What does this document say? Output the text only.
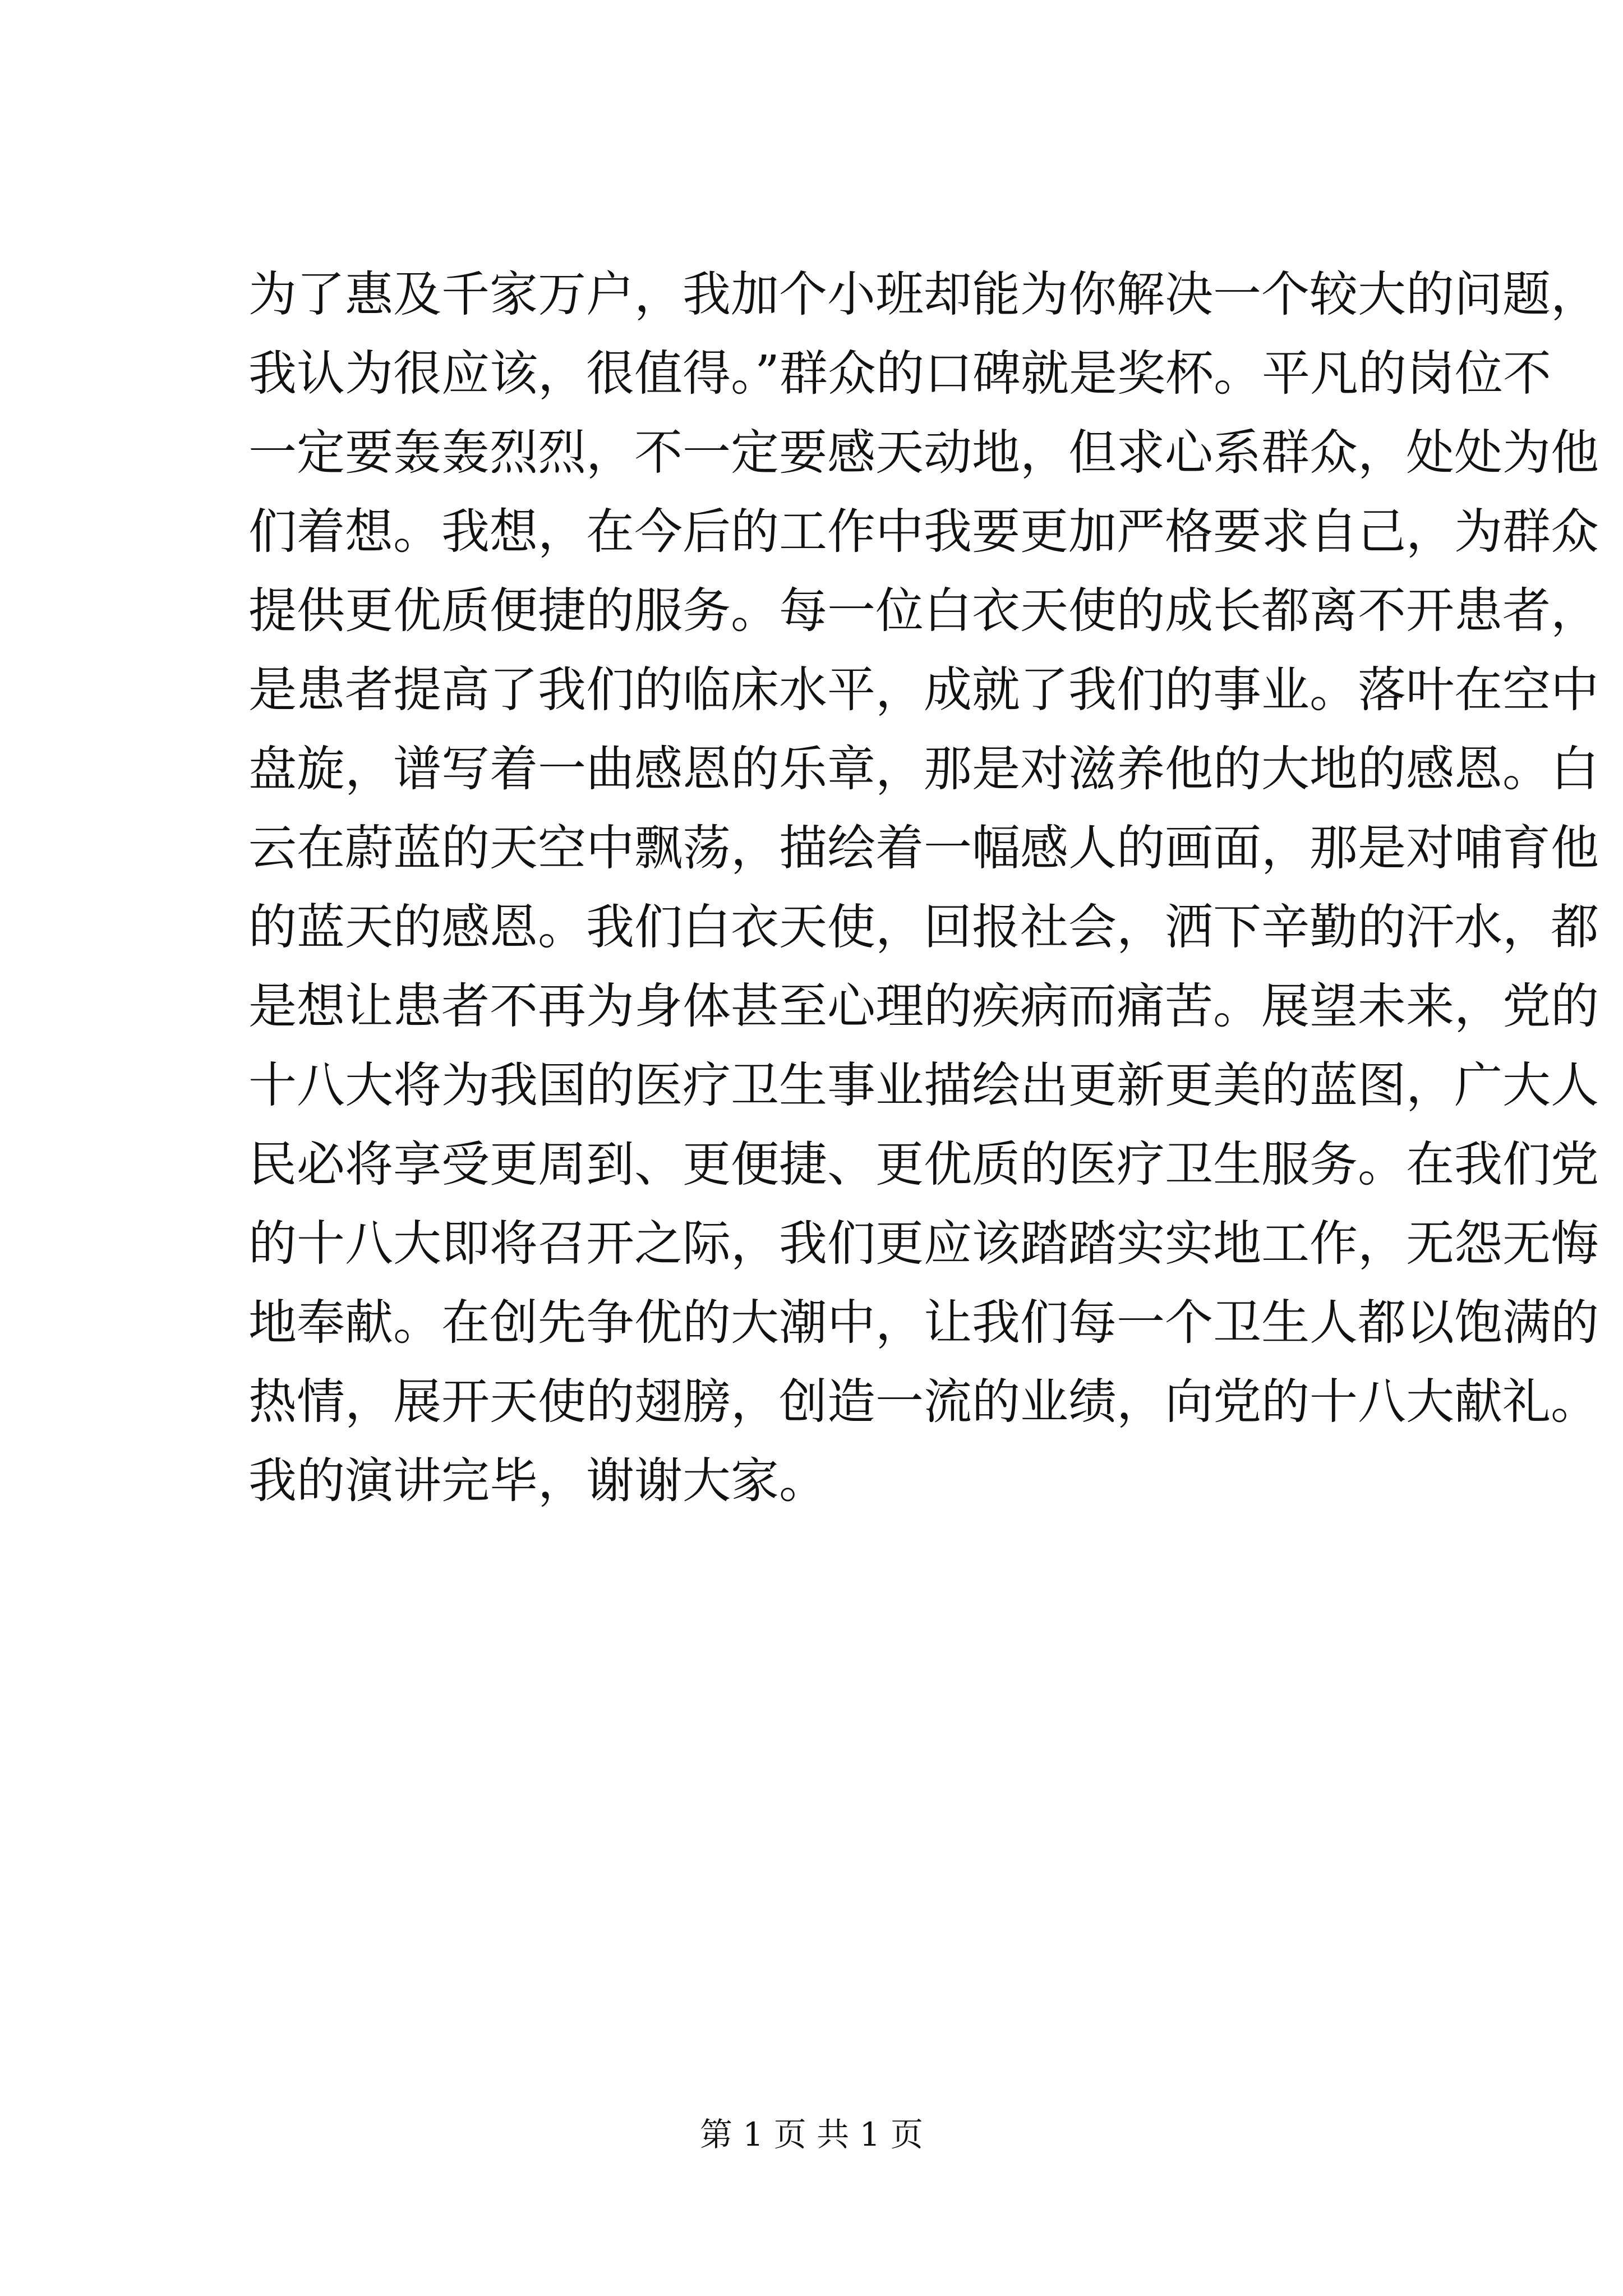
为了惠及千家万户，我加个小班却能为你解决一个较大的问题，

我认为很应该，很值得。”群众的口碑就是奖杯。平凡的岗位不

一定要轰轰烈烈，不一定要感天动地，但求心系群众，处处为他

们着想。我想，在今后的工作中我要更加严格要求自己，为群众

提供更优质便捷的服务。每一位白衣天使的成长都离不开患者，

是患者提高了我们的临床水平，成就了我们的事业。落叶在空中

盘旋，谱写着一曲感恩的乐章，那是对滋养他的大地的感恩。白

云在蔚蓝的天空中飘荡，描绘着一幅感人的画面，那是对哺育他

的蓝天的感恩。我们白衣天使，回报社会，洒下辛勤的汗水，都

是想让患者不再为身体甚至心理的疾病而痛苦。展望未来，党的

十八大将为我国的医疗卫生事业描绘出更新更美的蓝图，广大人

民必将享受更周到、更便捷、更优质的医疗卫生服务。在我们党

的十八大即将召开之际，我们更应该踏踏实实地工作，无怨无悔

地奉献。在创先争优的大潮中，让我们每一个卫生人都以饱满的

热情，展开天使的翅膀，创造一流的业绩，向党的十八大献礼。

我的演讲完毕，谢谢大家。

第 1 页 共 1 页
